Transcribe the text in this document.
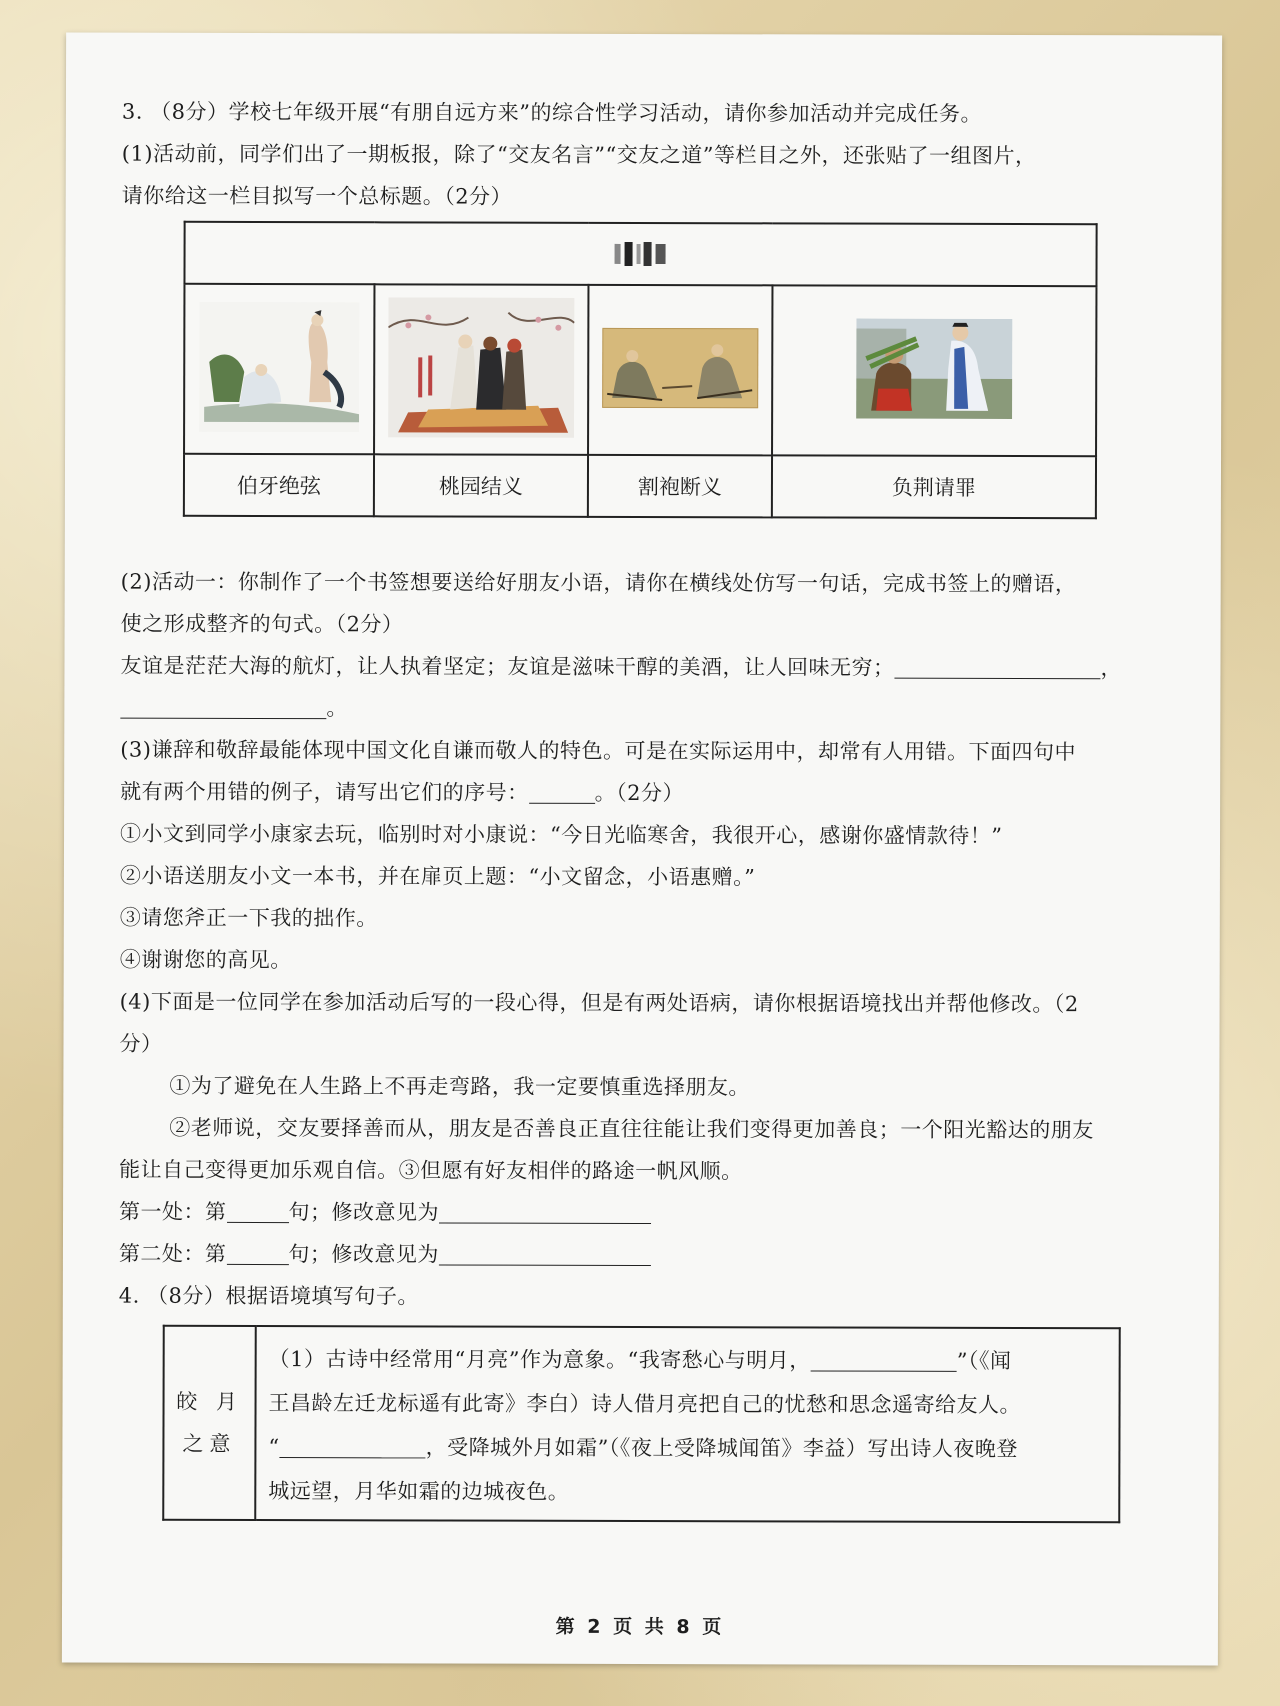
3. （8分）学校七年级开展“有朋自远方来”的综合性学习活动，请你参加活动并完成任务。
(1)活动前，同学们出了一期板报，除了“交友名言”“交友之道”等栏目之外，还张贴了一组图片，
请你给这一栏目拟写一个总标题。（2分）

伯牙绝弦	桃园结义	割袍断义	负荆请罪
(2)活动一：你制作了一个书签想要送给好朋友小语，请你在横线处仿写一句话，完成书签上的赠语，
使之形成整齐的句式。（2分）
友谊是茫茫大海的航灯，让人执着坚定；友谊是滋味干醇的美酒，让人回味无穷；	，
。
(3)谦辞和敬辞最能体现中国文化自谦而敬人的特色。可是在实际运用中，却常有人用错。下面四句中
就有两个用错的例子，请写出它们的序号：	。（2分）
①小文到同学小康家去玩，临别时对小康说：“今日光临寒舍，我很开心，感谢你盛情款待！”
②小语送朋友小文一本书，并在扉页上题：“小文留念，小语惠赠。”
③请您斧正一下我的拙作。
④谢谢您的高见。
(4)下面是一位同学在参加活动后写的一段心得，但是有两处语病，请你根据语境找出并帮他修改。（2
分）
①为了避免在人生路上不再走弯路，我一定要慎重选择朋友。
②老师说，交友要择善而从，朋友是否善良正直往往能让我们变得更加善良；一个阳光豁达的朋友
能让自己变得更加乐观自信。③但愿有好友相伴的路途一帆风顺。
第一处：第	句；修改意见为
第二处：第	句；修改意见为
4. （8分）根据语境填写句子。
皎 月
之意

（1）古诗中经常用“月亮”作为意象。“我寄愁心与明月，	”（《闻
王昌龄左迁龙标遥有此寄》李白）诗人借月亮把自己的忧愁和思念遥寄给友人。
“	，受降城外月如霜”（《夜上受降城闻笛》李益）写出诗人夜晚登
城远望，月华如霜的边城夜色。
第 2 页 共 8 页
